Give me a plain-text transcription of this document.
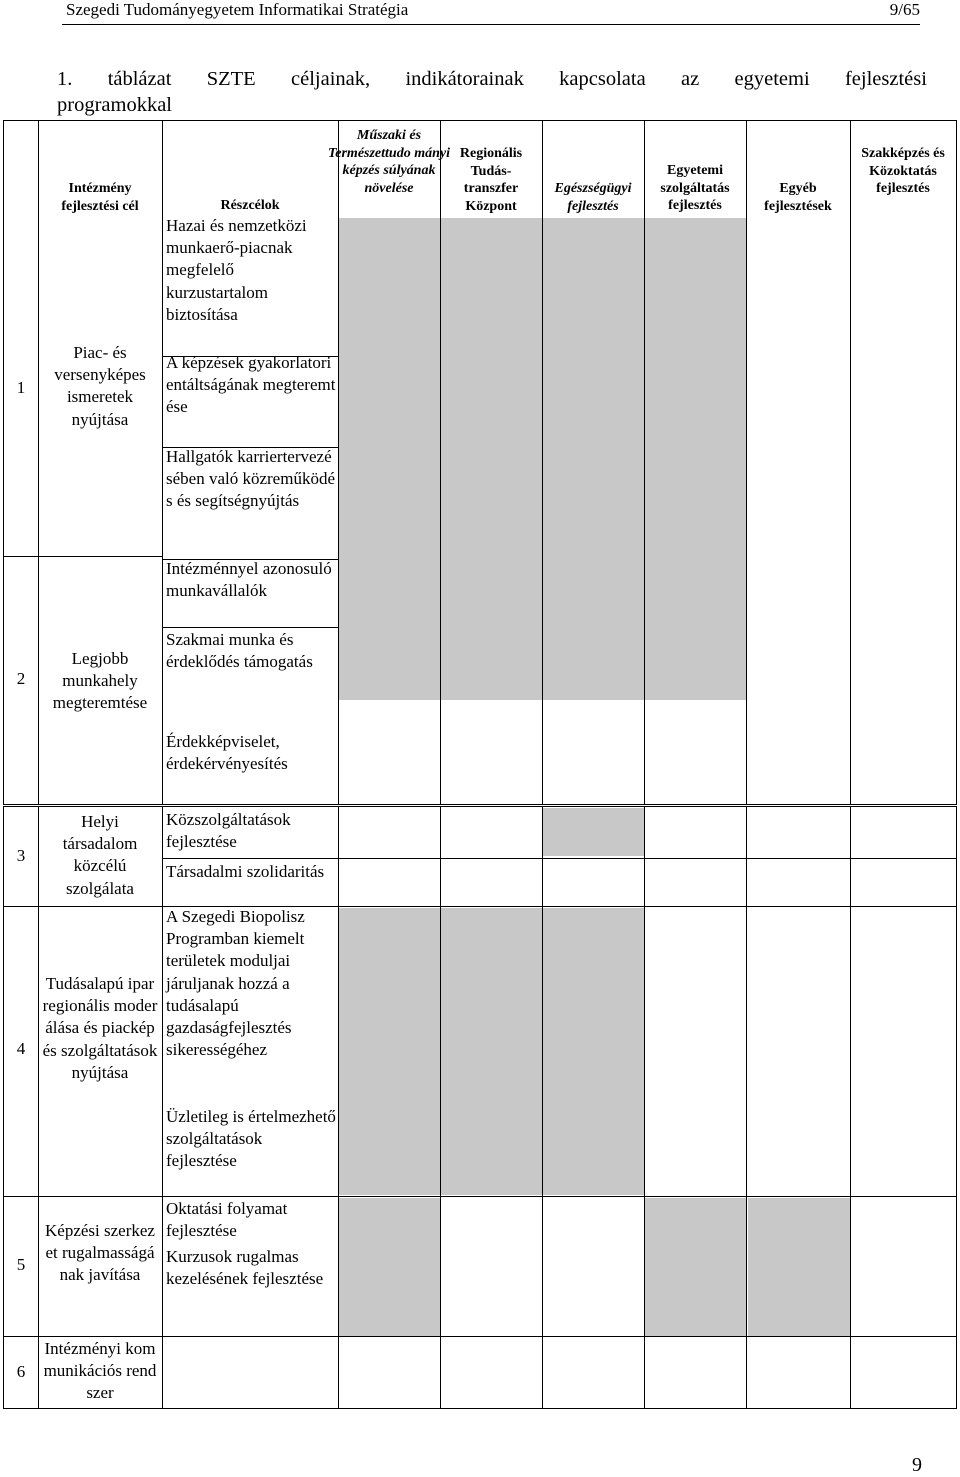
Szegedi Tudományegyetem Informatikai Stratégia	9/65
1. táblázat SZTE céljainak, indikátorainak kapcsolata az egyetemi fejlesztési
programokkal
Intézmény fejlesztési cél	Részcélok
Műszaki és Természettudo mányi képzés súlyának növelése
Regionális Tudás- transzfer Központ
Egészségügyi fejlesztés
Egyetemi szolgáltatás fejlesztés
Egyéb fejlesztések
Szakképzés és Közoktatás fejlesztés
1
2
Piac- és versenyképes ismeretek nyújtása
Legjobb munkahely megteremtése
Hazai és nemzetközi munkaerő-piacnak megfelelő kurzustartalom biztosítása
A képzések gyakorlatorientáltságának megteremtése
Hallgatók karriertervezésében való közreműködés és segítségnyújtás
Intézménnyel azonosuló munkavállalók
Szakmai munka és érdeklődés támogatás
Érdekképviselet, érdekérvényesítés
3
4
5
6
Helyi társadalom közcélú szolgálata
Tudásalapú ipar regionális moderálása és piacképés szolgáltatások nyújtása
Képzési szerkezet rugalmasságának javítása
Intézményi kommunikációs rendszer
Közszolgáltatások fejlesztése
Társadalmi szolidaritás
A Szegedi Biopolisz Programban kiemelt területek moduljai járuljanak hozzá a tudásalapú gazdaságfejlesztés sikerességéhez
Üzletileg is értelmezhető szolgáltatások fejlesztése
Oktatási folyamat fejlesztése
Kurzusok rugalmas kezelésének fejlesztése
9
